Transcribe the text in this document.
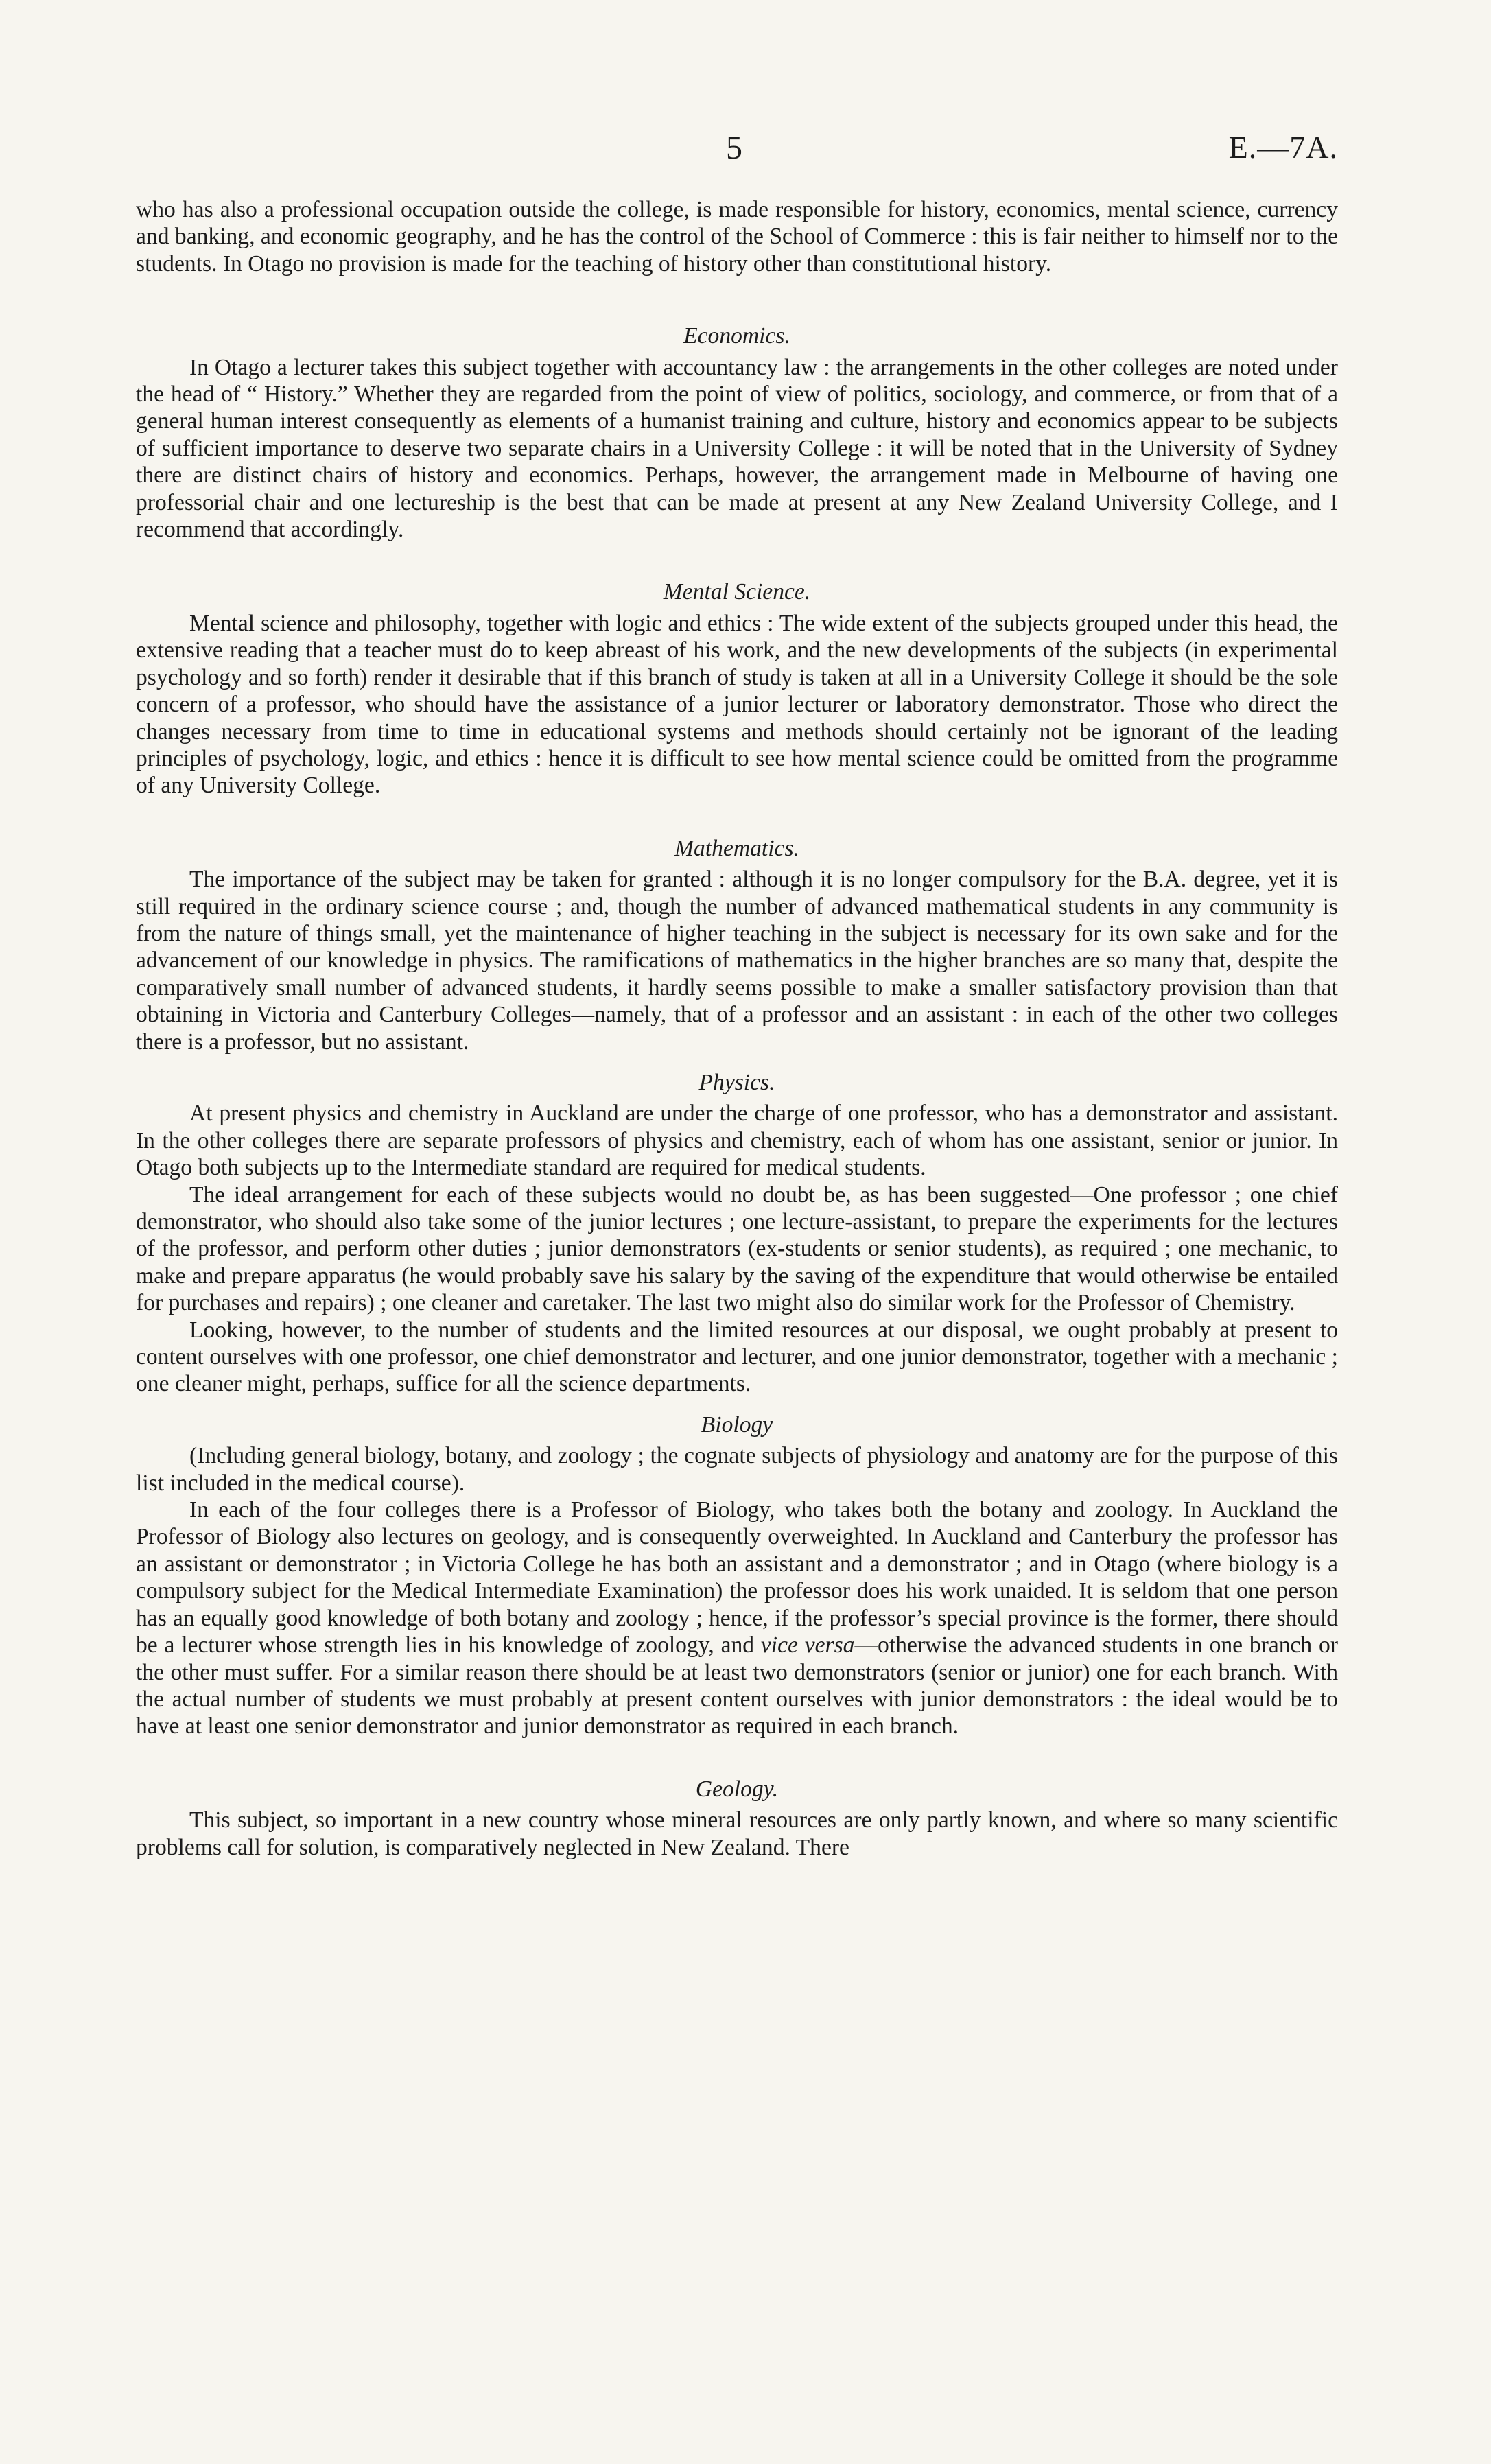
5	E.—7A.

who has also a professional occupation outside the college, is made responsible for history, economics, mental science, currency and banking, and economic geography, and he has the control of the School of Commerce : this is fair neither to himself nor to the students. In Otago no provision is made for the teaching of history other than constitutional history.

Economics.

In Otago a lecturer takes this subject together with accountancy law : the arrangements in the other colleges are noted under the head of “ History.” Whether they are regarded from the point of view of politics, sociology, and commerce, or from that of a general human interest consequently as elements of a humanist training and culture, history and economics appear to be subjects of sufficient importance to deserve two separate chairs in a University College : it will be noted that in the University of Sydney there are distinct chairs of history and economics. Perhaps, however, the arrangement made in Melbourne of having one professorial chair and one lectureship is the best that can be made at present at any New Zealand University College, and I recommend that accordingly.

Mental Science.

Mental science and philosophy, together with logic and ethics : The wide extent of the subjects grouped under this head, the extensive reading that a teacher must do to keep abreast of his work, and the new developments of the subjects (in experimental psychology and so forth) render it desirable that if this branch of study is taken at all in a University College it should be the sole concern of a professor, who should have the assistance of a junior lecturer or laboratory demonstrator. Those who direct the changes necessary from time to time in educational systems and methods should certainly not be ignorant of the leading principles of psychology, logic, and ethics : hence it is difficult to see how mental science could be omitted from the programme of any University College.

Mathematics.

The importance of the subject may be taken for granted : although it is no longer compulsory for the B.A. degree, yet it is still required in the ordinary science course ; and, though the number of advanced mathematical students in any community is from the nature of things small, yet the maintenance of higher teaching in the subject is necessary for its own sake and for the advancement of our knowledge in physics. The ramifications of mathematics in the higher branches are so many that, despite the comparatively small number of advanced students, it hardly seems possible to make a smaller satisfactory provision than that obtaining in Victoria and Canterbury Colleges—namely, that of a professor and an assistant : in each of the other two colleges there is a professor, but no assistant.

Physics.

At present physics and chemistry in Auckland are under the charge of one professor, who has a demonstrator and assistant. In the other colleges there are separate professors of physics and chemistry, each of whom has one assistant, senior or junior. In Otago both subjects up to the Intermediate standard are required for medical students.

The ideal arrangement for each of these subjects would no doubt be, as has been suggested—One professor ; one chief demonstrator, who should also take some of the junior lectures ; one lecture-assistant, to prepare the experiments for the lectures of the professor, and perform other duties ; junior demonstrators (ex-students or senior students), as required ; one mechanic, to make and prepare apparatus (he would probably save his salary by the saving of the expenditure that would otherwise be entailed for purchases and repairs) ; one cleaner and caretaker. The last two might also do similar work for the Professor of Chemistry.

Looking, however, to the number of students and the limited resources at our disposal, we ought probably at present to content ourselves with one professor, one chief demonstrator and lecturer, and one junior demonstrator, together with a mechanic ; one cleaner might, perhaps, suffice for all the science departments.

Biology

(Including general biology, botany, and zoology ; the cognate subjects of physiology and anatomy are for the purpose of this list included in the medical course).

In each of the four colleges there is a Professor of Biology, who takes both the botany and zoology. In Auckland the Professor of Biology also lectures on geology, and is consequently overweighted. In Auckland and Canterbury the professor has an assistant or demonstrator ; in Victoria College he has both an assistant and a demonstrator ; and in Otago (where biology is a compulsory subject for the Medical Intermediate Examination) the professor does his work unaided. It is seldom that one person has an equally good knowledge of both botany and zoology ; hence, if the professor’s special province is the former, there should be a lecturer whose strength lies in his knowledge of zoology, and vice versa—otherwise the advanced students in one branch or the other must suffer. For a similar reason there should be at least two demonstrators (senior or junior) one for each branch. With the actual number of students we must probably at present content ourselves with junior demonstrators : the ideal would be to have at least one senior demonstrator and junior demonstrator as required in each branch.

Geology.

This subject, so important in a new country whose mineral resources are only partly known, and where so many scientific problems call for solution, is comparatively neglected in New Zealand. There
